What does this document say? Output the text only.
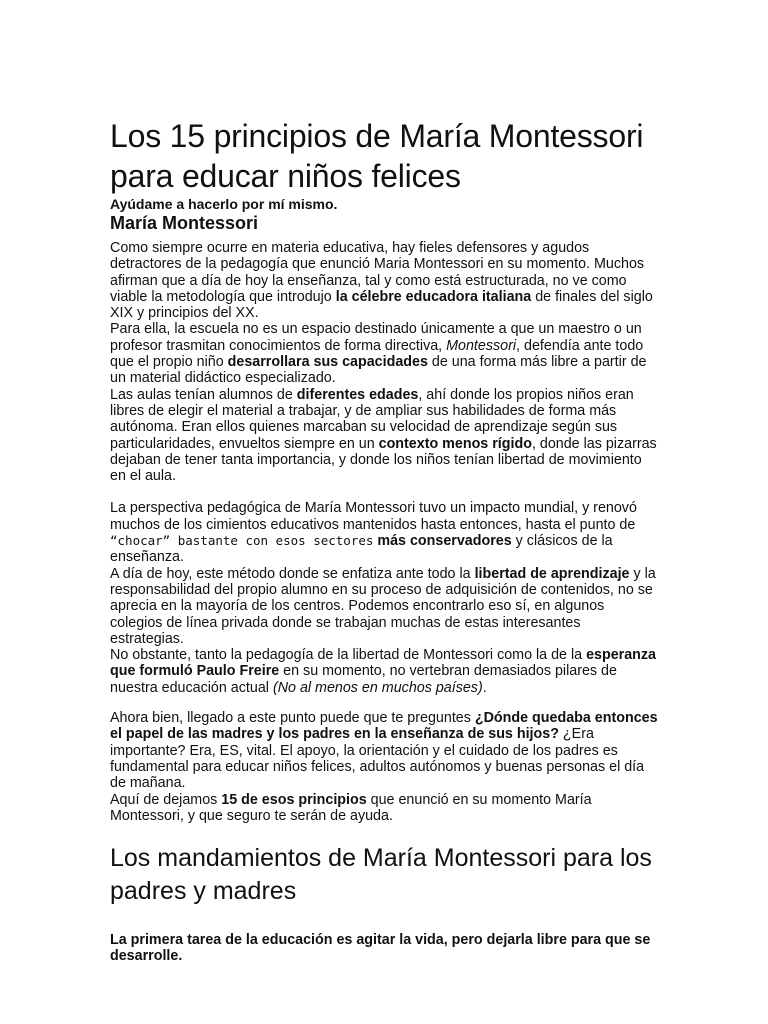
Los 15 principios de María Montessori para educar niños felices
Ayúdame a hacerlo por mí mismo.
María Montessori

Como siempre ocurre en materia educativa, hay fieles defensores y agudos detractores de la pedagogía que enunció Maria Montessori en su momento. Muchos afirman que a día de hoy la enseñanza, tal y como está estructurada, no ve como viable la metodología que introdujo la célebre educadora italiana de finales del siglo XIX y principios del XX.

Para ella, la escuela no es un espacio destinado únicamente a que un maestro o un profesor trasmitan conocimientos de forma directiva, Montessori, defendía ante todo que el propio niño desarrollara sus capacidades de una forma más libre a partir de un material didáctico especializado.

Las aulas tenían alumnos de diferentes edades, ahí donde los propios niños eran libres de elegir el material a trabajar, y de ampliar sus habilidades de forma más autónoma. Eran ellos quienes marcaban su velocidad de aprendizaje según sus particularidades, envueltos siempre en un contexto menos rígido, donde las pizarras dejaban de tener tanta importancia, y donde los niños tenían libertad de movimiento en el aula.

La perspectiva pedagógica de María Montessori tuvo un impacto mundial, y renovó muchos de los cimientos educativos mantenidos hasta entonces, hasta el punto de “chocar” bastante con esos sectores más conservadores y clásicos de la enseñanza.

A día de hoy, este método donde se enfatiza ante todo la libertad de aprendizaje y la responsabilidad del propio alumno en su proceso de adquisición de contenidos, no se aprecia en la mayoría de los centros. Podemos encontrarlo eso sí, en algunos colegios de línea privada donde se trabajan muchas de estas interesantes estrategias.

No obstante, tanto la pedagogía de la libertad de Montessori como la de la esperanza que formuló Paulo Freire en su momento, no vertebran demasiados pilares de nuestra educación actual (No al menos en muchos países).

Ahora bien, llegado a este punto puede que te preguntes ¿Dónde quedaba entonces el papel de las madres y los padres en la enseñanza de sus hijos? ¿Era importante? Era, ES, vital. El apoyo, la orientación y el cuidado de los padres es fundamental para educar niños felices, adultos autónomos y buenas personas el día de mañana.

Aquí de dejamos 15 de esos principios que enunció en su momento María Montessori, y que seguro te serán de ayuda.

Los mandamientos de María Montessori para los padres y madres

La primera tarea de la educación es agitar la vida, pero dejarla libre para que se desarrolle.
